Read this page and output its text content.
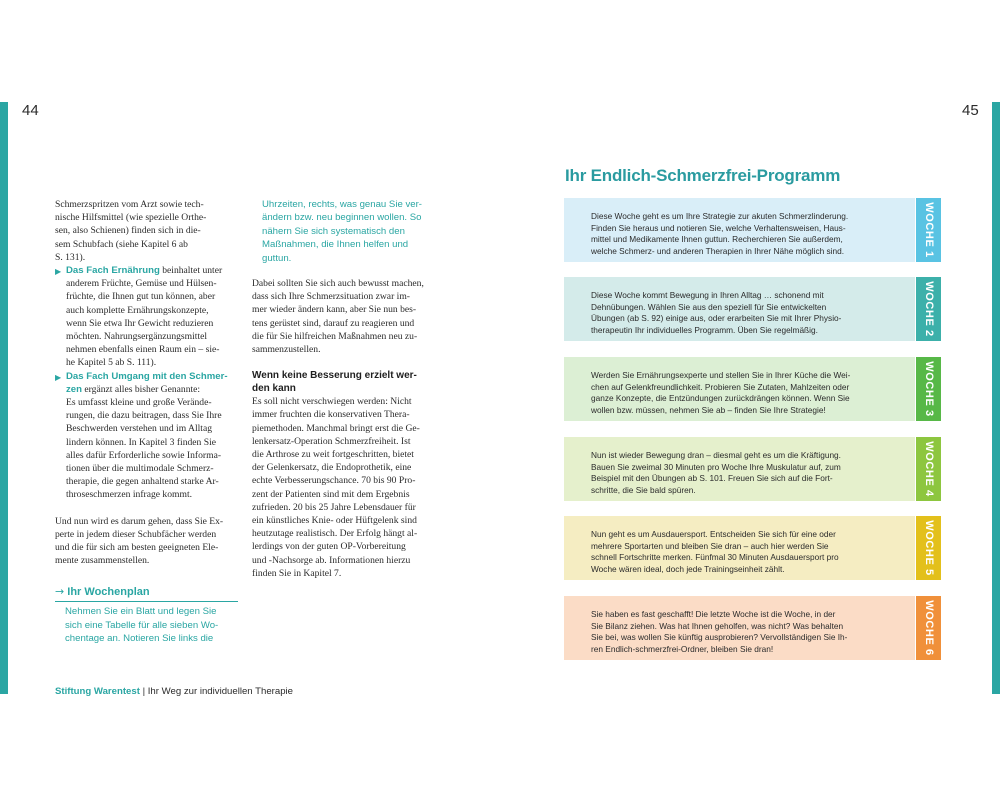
44	45
Schmerzspritzen vom Arzt sowie tech-
nische Hilfsmittel (wie spezielle Orthe-
sen, also Schienen) finden sich in die-
sem Schubfach (siehe Kapitel 6 ab
S. 131).
▶ Das Fach Ernährung beinhaltet unter
anderem Früchte, Gemüse und Hülsen-
früchte, die Ihnen gut tun können, aber
auch komplette Ernährungskonzepte,
wenn Sie etwa Ihr Gewicht reduzieren
möchten. Nahrungsergänzungsmittel
nehmen ebenfalls einen Raum ein – sie-
he Kapitel 5 ab S. 111).
▶ Das Fach Umgang mit den Schmer-
zen ergänzt alles bisher Genannte:
Es umfasst kleine und große Verände-
rungen, die dazu beitragen, dass Sie Ihre
Beschwerden verstehen und im Alltag
lindern können. In Kapitel 3 finden Sie
alles dafür Erforderliche sowie Informa-
tionen über die multimodale Schmerz-
therapie, die gegen anhaltend starke Ar-
throseschmerzen infrage kommt.
Und nun wird es darum gehen, dass Sie Ex-
perte in jedem dieser Schubfächer werden
und die für sich am besten geeigneten Ele-
mente zusammenstellen.
→ Ihr Wochenplan
Nehmen Sie ein Blatt und legen Sie
sich eine Tabelle für alle sieben Wo-
chentage an. Notieren Sie links die
Uhrzeiten, rechts, was genau Sie ver-
ändern bzw. neu beginnen wollen. So
nähern Sie sich systematisch den
Maßnahmen, die Ihnen helfen und
guttun.
Dabei sollten Sie sich auch bewusst machen,
dass sich Ihre Schmerzsituation zwar im-
mer wieder ändern kann, aber Sie nun bes-
tens gerüstet sind, darauf zu reagieren und
die für Sie hilfreichen Maßnahmen neu zu-
sammenzustellen.
Wenn keine Besserung erzielt wer-
den kann
Es soll nicht verschwiegen werden: Nicht
immer fruchten die konservativen Thera-
piemethoden. Manchmal bringt erst die Ge-
lenkersatz-Operation Schmerzfreiheit. Ist
die Arthrose zu weit fortgeschritten, bietet
der Gelenkersatz, die Endoprothetik, eine
echte Verbesserungschance. 70 bis 90 Pro-
zent der Patienten sind mit dem Ergebnis
zufrieden. 20 bis 25 Jahre Lebensdauer für
ein künstliches Knie- oder Hüftgelenk sind
heutzutage realistisch. Der Erfolg hängt al-
lerdings von der guten OP-Vorbereitung
und -Nachsorge ab. Informationen hierzu
finden Sie in Kapitel 7.
Stiftung Warentest | Ihr Weg zur individuellen Therapie
Ihr Endlich-Schmerzfrei-Programm
Diese Woche geht es um Ihre Strategie zur akuten Schmerzlinderung.
Finden Sie heraus und notieren Sie, welche Verhaltensweisen, Haus-
mittel und Medikamente Ihnen guttun. Recherchieren Sie außerdem,
welche Schmerz- und anderen Therapien in Ihrer Nähe möglich sind.	WOCHE 1
Diese Woche kommt Bewegung in Ihren Alltag … schonend mit
Dehnübungen. Wählen Sie aus den speziell für Sie entwickelten
Übungen (ab S. 92) einige aus, oder erarbeiten Sie mit Ihrer Physio-
therapeutin Ihr individuelles Programm. Üben Sie regelmäßig.	WOCHE 2
Werden Sie Ernährungsexperte und stellen Sie in Ihrer Küche die Wei-
chen auf Gelenkfreundlichkeit. Probieren Sie Zutaten, Mahlzeiten oder
ganze Konzepte, die Entzündungen zurückdrängen können. Wenn Sie
wollen bzw. müssen, nehmen Sie ab – finden Sie Ihre Strategie!	WOCHE 3
Nun ist wieder Bewegung dran – diesmal geht es um die Kräftigung.
Bauen Sie zweimal 30 Minuten pro Woche Ihre Muskulatur auf, zum
Beispiel mit den Übungen ab S. 101. Freuen Sie sich auf die Fort-
schritte, die Sie bald spüren.	WOCHE 4
Nun geht es um Ausdauersport. Entscheiden Sie sich für eine oder
mehrere Sportarten und bleiben Sie dran – auch hier werden Sie
schnell Fortschritte merken. Fünfmal 30 Minuten Ausdauersport pro
Woche wären ideal, doch jede Trainingseinheit zählt.	WOCHE 5
Sie haben es fast geschafft! Die letzte Woche ist die Woche, in der
Sie Bilanz ziehen. Was hat Ihnen geholfen, was nicht? Was behalten
Sie bei, was wollen Sie künftig ausprobieren? Vervollständigen Sie Ih-
ren Endlich-schmerzfrei-Ordner, bleiben Sie dran!	WOCHE 6
